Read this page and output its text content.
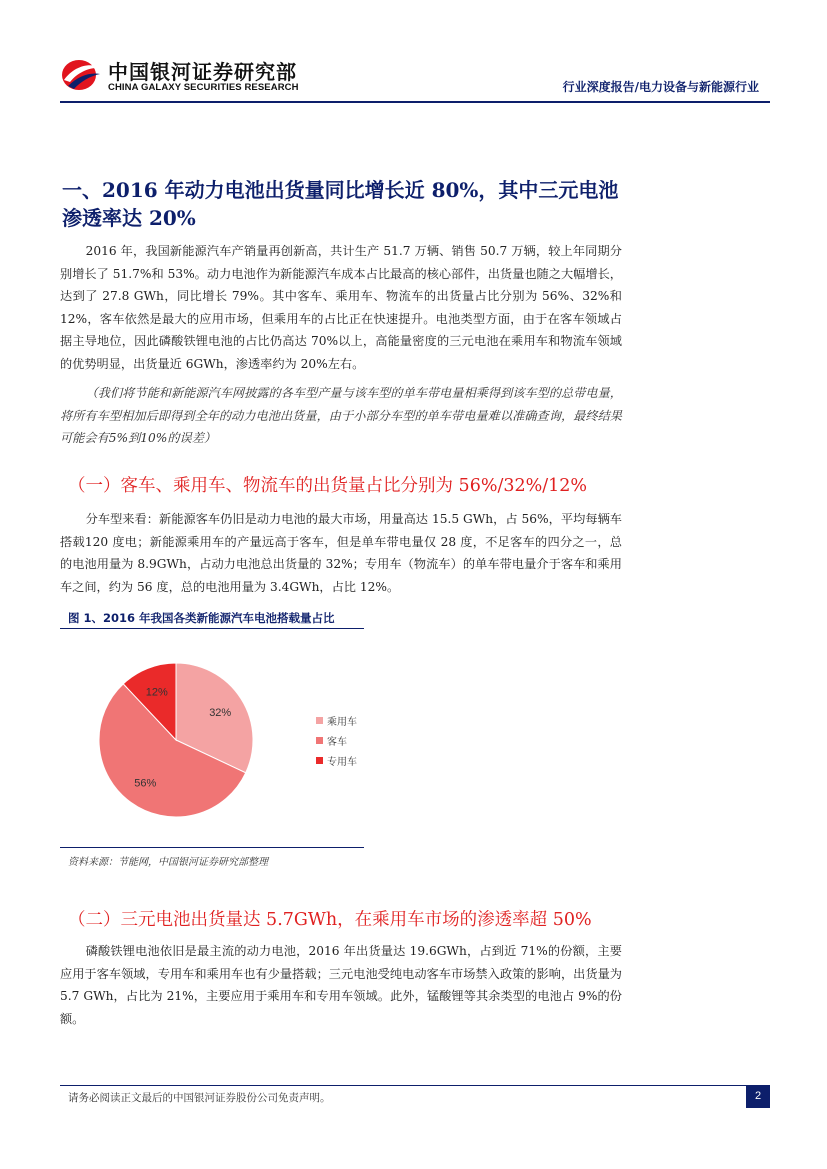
中国银河证券研究部
CHINA GALAXY SECURITIES RESEARCH	行业深度报告/电力设备与新能源行业
一、2016 年动力电池出货量同比增长近 80%，其中三元电池渗透率达 20%
2016 年，我国新能源汽车产销量再创新高，共计生产 51.7 万辆、销售 50.7 万辆，较上年同期分别增长了 51.7%和 53%。动力电池作为新能源汽车成本占比最高的核心部件，出货量也随之大幅增长，达到了 27.8 GWh，同比增长 79%。其中客车、乘用车、物流车的出货量占比分别为 56%、32%和 12%，客车依然是最大的应用市场，但乘用车的占比正在快速提升。电池类型方面，由于在客车领域占据主导地位，因此磷酸铁锂电池的占比仍高达 70%以上，高能量密度的三元电池在乘用车和物流车领域的优势明显，出货量近 6GWh，渗透率约为 20%左右。
（我们将节能和新能源汽车网披露的各车型产量与该车型的单车带电量相乘得到该车型的总带电量，将所有车型相加后即得到全年的动力电池出货量，由于小部分车型的单车带电量难以准确查询，最终结果可能会有5%到10%的误差）
（一）客车、乘用车、物流车的出货量占比分别为 56%/32%/12%
分车型来看：新能源客车仍旧是动力电池的最大市场，用量高达 15.5 GWh，占 56%，平均每辆车搭载120 度电；新能源乘用车的产量远高于客车，但是单车带电量仅 28 度，不足客车的四分之一，总的电池用量为 8.9GWh，占动力电池总出货量的 32%；专用车（物流车）的单车带电量介于客车和乘用车之间，约为 56 度，总的电池用量为 3.4GWh，占比 12%。
图 1、2016 年我国各类新能源汽车电池搭载量占比
32%
56%
12%
乘用车
客车
专用车
资料来源：节能网，中国银河证券研究部整理
（二）三元电池出货量达 5.7GWh，在乘用车市场的渗透率超 50%
磷酸铁锂电池依旧是最主流的动力电池，2016 年出货量达 19.6GWh，占到近 71%的份额，主要应用于客车领域，专用车和乘用车也有少量搭载；三元电池受纯电动客车市场禁入政策的影响，出货量为 5.7 GWh，占比为 21%，主要应用于乘用车和专用车领域。此外，锰酸锂等其余类型的电池占 9%的份额。
请务必阅读正文最后的中国银河证券股份公司免责声明。	2
